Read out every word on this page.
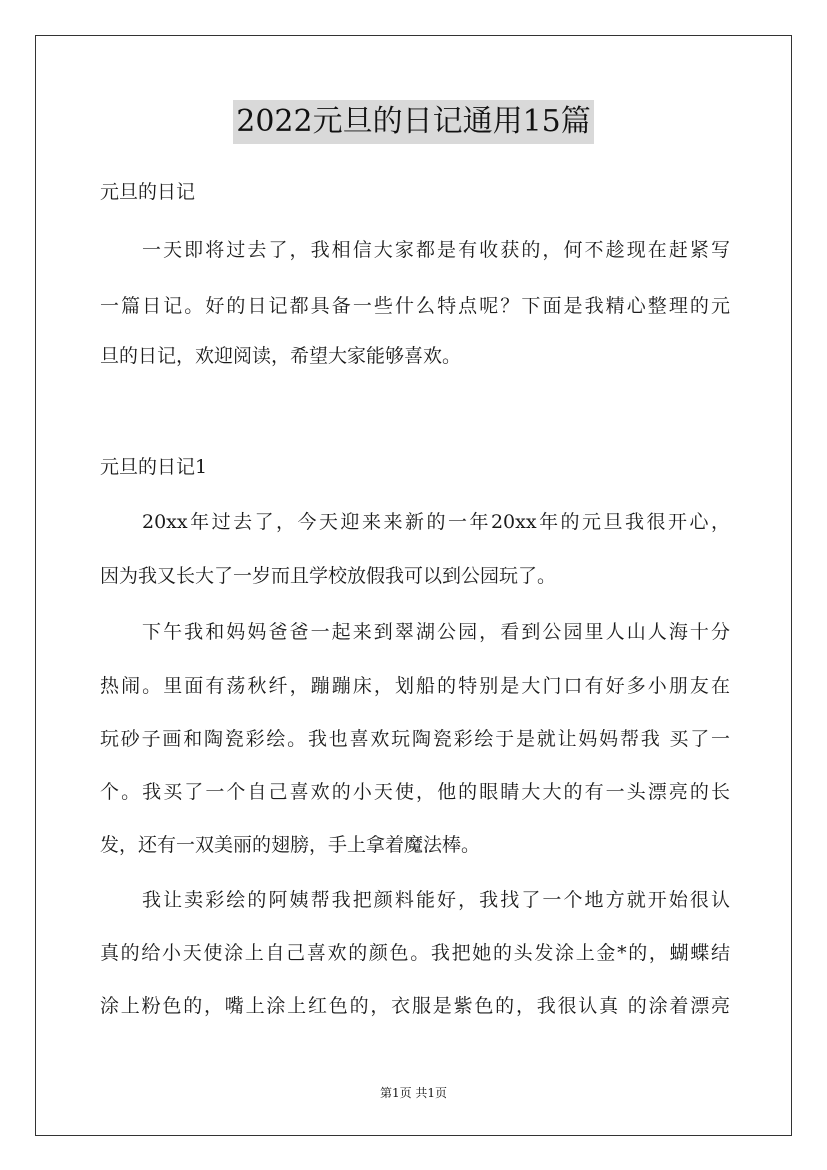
2022元旦的日记通用15篇
元旦的日记
一天即将过去了，我相信大家都是有收获的，何不趁现在赶紧写
一篇日记。好的日记都具备一些什么特点呢？下面是我精心整理的元
旦的日记，欢迎阅读，希望大家能够喜欢。
元旦的日记1
20xx年过去了，今天迎来来新的一年20xx年的元旦我很开心，
因为我又长大了一岁而且学校放假我可以到公园玩了。
下午我和妈妈爸爸一起来到翠湖公园，看到公园里人山人海十分
热闹。里面有荡秋纤，蹦蹦床，划船的特别是大门口有好多小朋友在
玩砂子画和陶瓷彩绘。我也喜欢玩陶瓷彩绘于是就让妈妈帮我 买了一
个。我买了一个自己喜欢的小天使，他的眼睛大大的有一头漂亮的长
发，还有一双美丽的翅膀，手上拿着魔法棒。
我让卖彩绘的阿姨帮我把颜料能好，我找了一个地方就开始很认
真的给小天使涂上自己喜欢的颜色。我把她的头发涂上金*的，蝴蝶结
涂上粉色的，嘴上涂上红色的，衣服是紫色的，我很认真 的涂着漂亮
第1页 共1页
